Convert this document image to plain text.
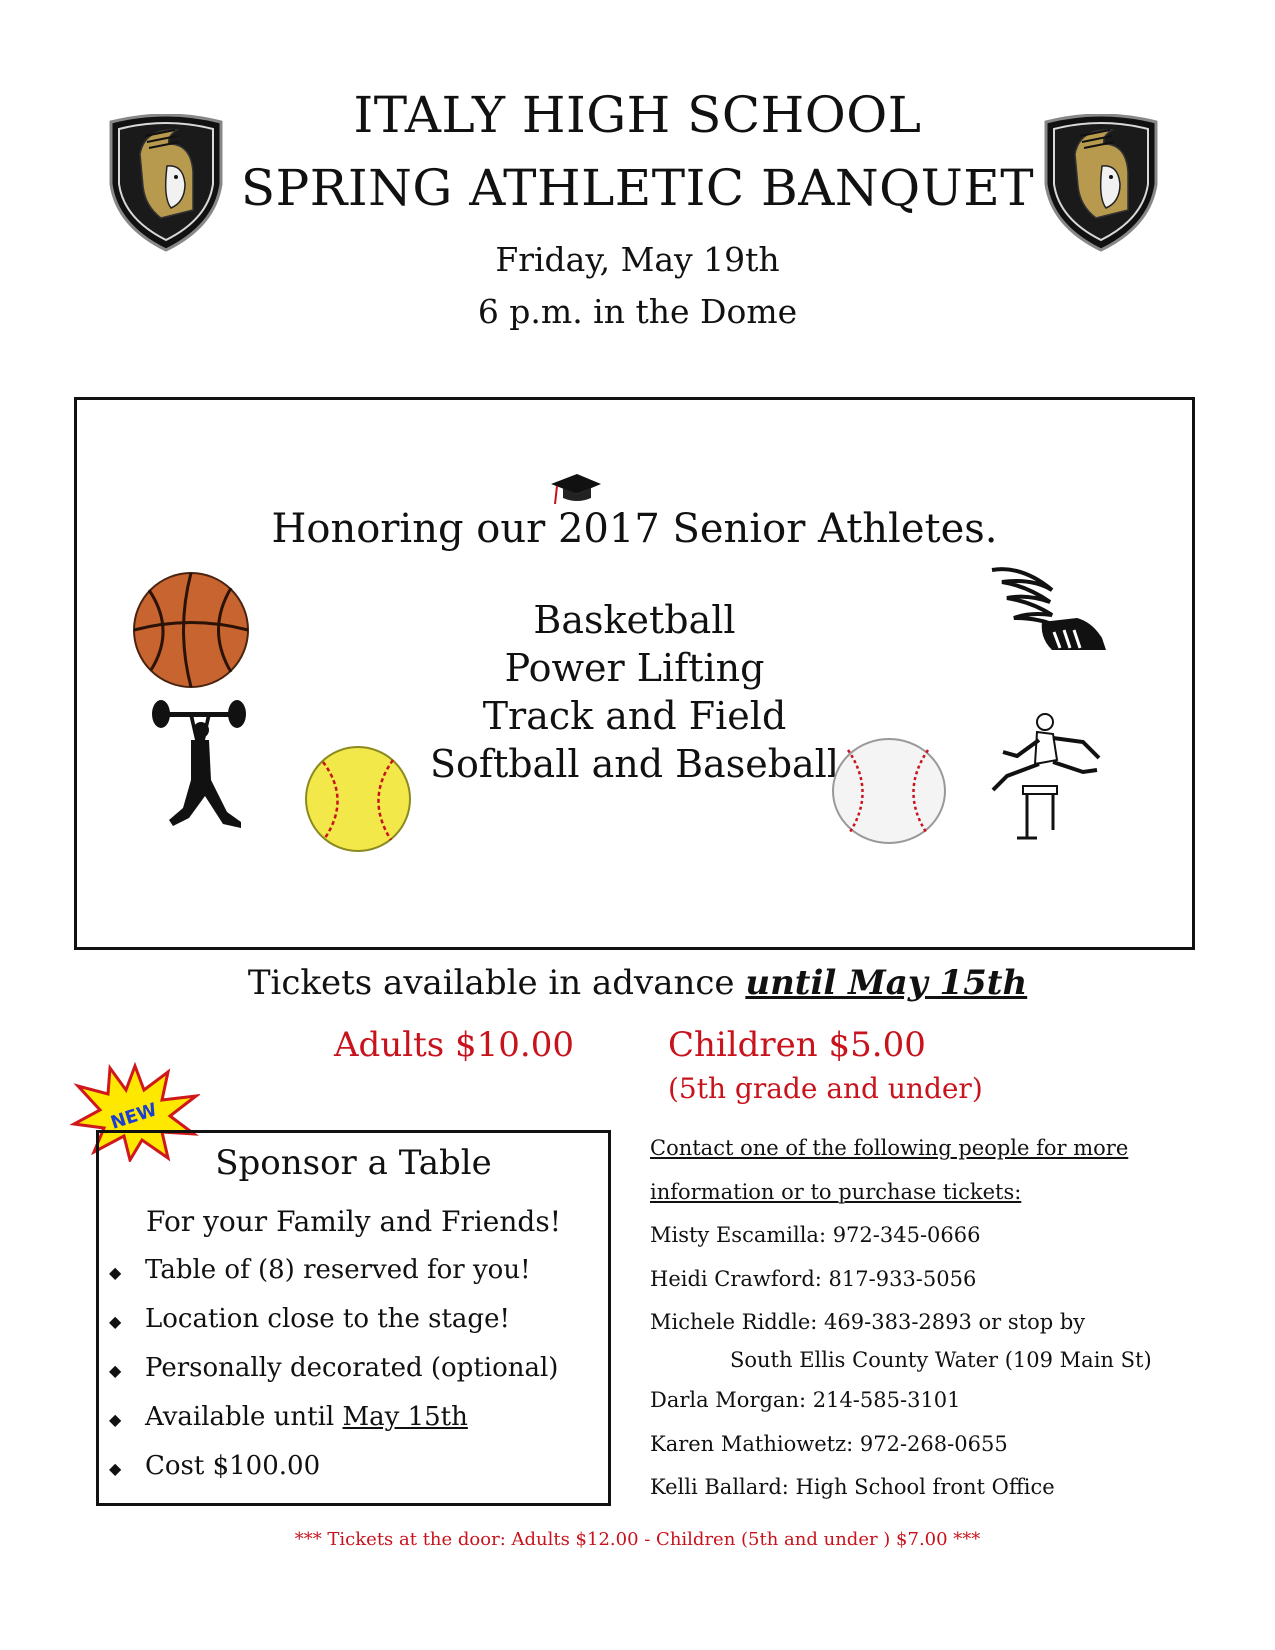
ITALY HIGH SCHOOL
SPRING ATHLETIC BANQUET
Friday, May 19th
6 p.m. in the Dome
Honoring our 2017 Senior Athletes.
Basketball
Power Lifting
Track and Field
Softball and Baseball
Tickets available in advance until May 15th
Adults $10.00	Children $5.00
(5th grade and under)
NEW
Sponsor a Table
For your Family and Friends!
◆ Table of (8) reserved for you!
◆ Location close to the stage!
◆ Personally decorated (optional)
◆ Available until May 15th
◆ Cost $100.00
Contact one of the following people for more
information or to purchase tickets:
Misty Escamilla: 972-345-0666
Heidi Crawford: 817-933-5056
Michele Riddle: 469-383-2893 or stop by
South Ellis County Water (109 Main St)
Darla Morgan: 214-585-3101
Karen Mathiowetz: 972-268-0655
Kelli Ballard: High School front Office
*** Tickets at the door: Adults $12.00 - Children (5th and under ) $7.00 ***
